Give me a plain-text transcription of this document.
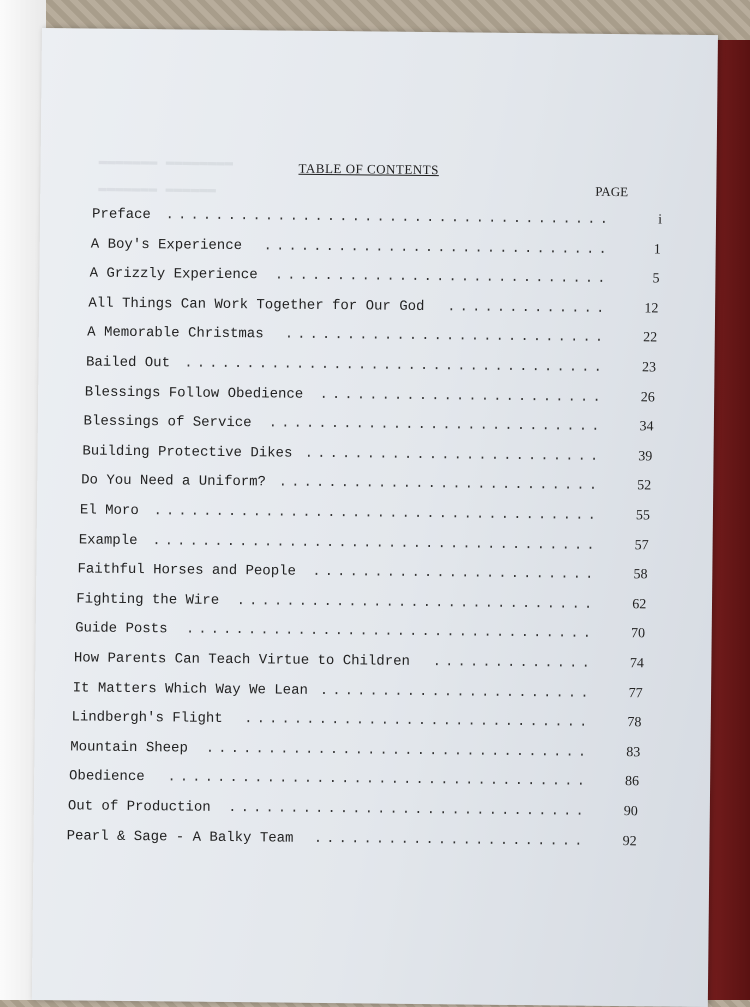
▬▬▬▬▬▬▬ ▬▬▬▬▬▬▬▬
▬▬▬▬▬▬▬ ▬▬▬▬▬▬
TABLE OF CONTENTS
PAGE
Preface ....................................	i
A Boy's Experience ............................	1
A Grizzly Experience ...........................	5
All Things Can Work Together for Our God .............	12
A Memorable Christmas ..........................	22
Bailed Out ..................................	23
Blessings Follow Obedience .......................	26
Blessings of Service ...........................	34
Building Protective Dikes ........................	39
Do You Need a Uniform? ..........................	52
El Moro ....................................	55
Example ....................................	57
Faithful Horses and People .......................	58
Fighting the Wire .............................	62
Guide Posts .................................	70
How Parents Can Teach Virtue to Children .............	74
It Matters Which Way We Lean ......................	77
Lindbergh's Flight ............................	78
Mountain Sheep ...............................	83
Obedience ..................................	86
Out of Production .............................	90
Pearl & Sage - A Balky Team ......................	92
